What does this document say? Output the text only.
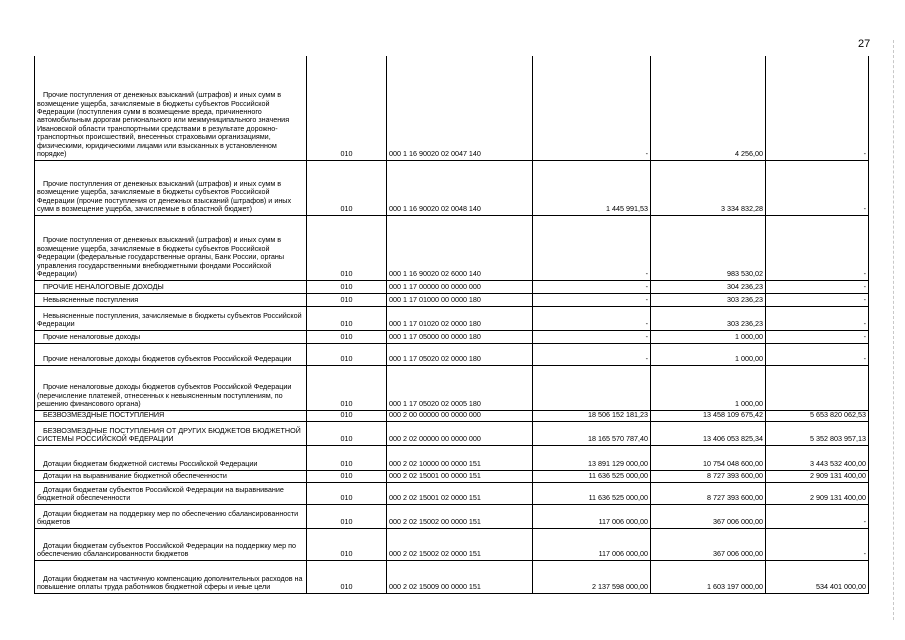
27
Прочие поступления от денежных взысканий (штрафов) и иных сумм в возмещение ущерба, зачисляемые в бюджеты субъектов Российской Федерации (поступления сумм в возмещение вреда, причиненного автомобильным дорогам регионального или межмуниципального значения Ивановской области транспортными средствами в результате дорожно-транспортных происшествий, внесенных страховыми организациями, физическими, юридическими лицами или взысканных в установленном порядке)	010	000 1 16 90020 02 0047 140	-	4 256,00	-
Прочие поступления от денежных взысканий (штрафов) и иных сумм в возмещение ущерба, зачисляемые в бюджеты субъектов Российской Федерации (прочие поступления от денежных взысканий (штрафов) и иных сумм в возмещение ущерба, зачисляемые в областной бюджет)	010	000 1 16 90020 02 0048 140	1 445 991,53	3 334 832,28	-
Прочие поступления от денежных взысканий (штрафов) и иных сумм в возмещение ущерба, зачисляемые в бюджеты субъектов Российской Федерации (федеральные государственные органы, Банк России, органы управления государственными внебюджетными фондами Российской Федерации)	010	000 1 16 90020 02 6000 140	-	983 530,02	-
ПРОЧИЕ НЕНАЛОГОВЫЕ ДОХОДЫ	010	000 1 17 00000 00 0000 000	-	304 236,23	-
Невыясненные поступления	010	000 1 17 01000 00 0000 180	-	303 236,23	-
Невыясненные поступления, зачисляемые в бюджеты субъектов Российской Федерации	010	000 1 17 01020 02 0000 180	-	303 236,23	-
Прочие неналоговые доходы	010	000 1 17 05000 00 0000 180	-	1 000,00	-
Прочие неналоговые доходы бюджетов субъектов Российской Федерации	010	000 1 17 05020 02 0000 180	-	1 000,00	-
Прочие неналоговые доходы бюджетов субъектов Российской Федерации (перечисление платежей, отнесенных к невыясненным поступлениям, по решению финансового органа)	010	000 1 17 05020 02 0005 180		1 000,00	
БЕЗВОЗМЕЗДНЫЕ ПОСТУПЛЕНИЯ	010	000 2 00 00000 00 0000 000	18 506 152 181,23	13 458 109 675,42	5 653 820 062,53
БЕЗВОЗМЕЗДНЫЕ ПОСТУПЛЕНИЯ ОТ ДРУГИХ БЮДЖЕТОВ БЮДЖЕТНОЙ СИСТЕМЫ РОССИЙСКОЙ ФЕДЕРАЦИИ	010	000 2 02 00000 00 0000 000	18 165 570 787,40	13 406 053 825,34	5 352 803 957,13
Дотации бюджетам бюджетной системы Российской Федерации	010	000 2 02 10000 00 0000 151	13 891 129 000,00	10 754 048 600,00	3 443 532 400,00
Дотации на выравнивание бюджетной обеспеченности	010	000 2 02 15001 00 0000 151	11 636 525 000,00	8 727 393 600,00	2 909 131 400,00
Дотации бюджетам субъектов Российской Федерации на выравнивание бюджетной обеспеченности	010	000 2 02 15001 02 0000 151	11 636 525 000,00	8 727 393 600,00	2 909 131 400,00
Дотации бюджетам на поддержку мер по обеспечению сбалансированности бюджетов	010	000 2 02 15002 00 0000 151	117 006 000,00	367 006 000,00	-
Дотации бюджетам субъектов Российской Федерации на поддержку мер по обеспечению сбалансированности бюджетов	010	000 2 02 15002 02 0000 151	117 006 000,00	367 006 000,00	-
Дотации бюджетам на частичную компенсацию дополнительных расходов на повышение оплаты труда работников бюджетной сферы и иные цели	010	000 2 02 15009 00 0000 151	2 137 598 000,00	1 603 197 000,00	534 401 000,00
